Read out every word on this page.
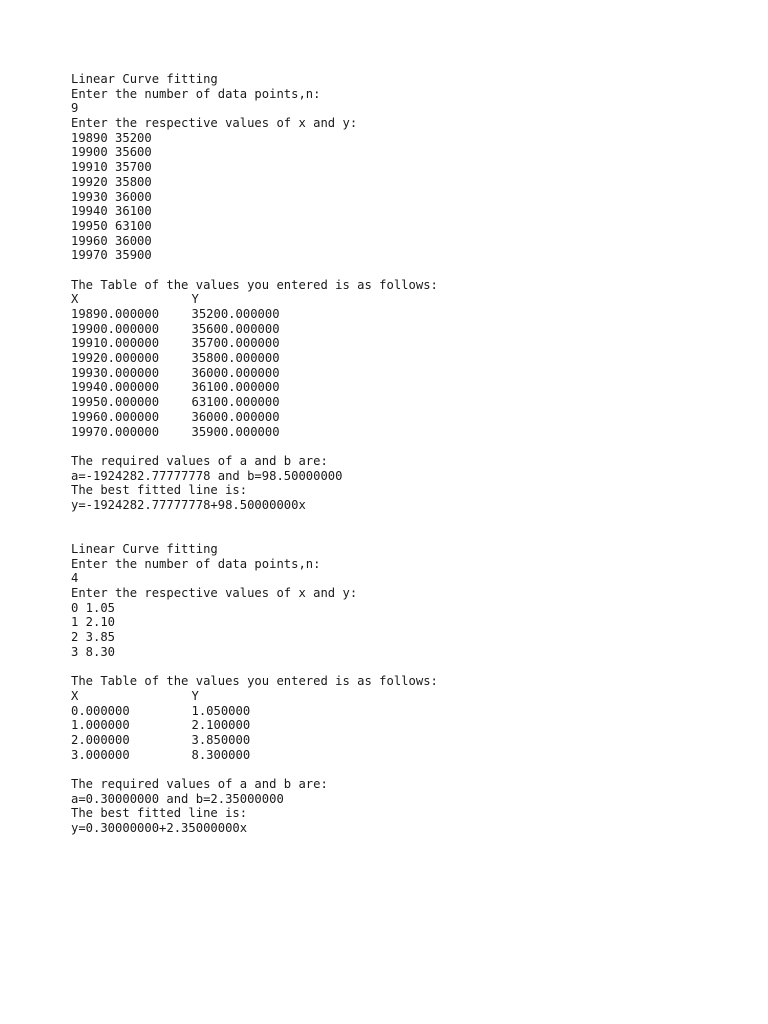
Linear Curve fitting
Enter the number of data points,n:
9
Enter the respective values of x and y:
19890 35200
19900 35600
19910 35700
19920 35800
19930 36000
19940 36100
19950 63100
19960 36000
19970 35900
The Table of the values you entered is as follows:
X	Y
19890.000000	35200.000000
19900.000000	35600.000000
19910.000000	35700.000000
19920.000000	35800.000000
19930.000000	36000.000000
19940.000000	36100.000000
19950.000000	63100.000000
19960.000000	36000.000000
19970.000000	35900.000000
The required values of a and b are:
a=-1924282.77777778 and b=98.50000000
The best fitted line is:
y=-1924282.77777778+98.50000000x
Linear Curve fitting
Enter the number of data points,n:
4
Enter the respective values of x and y:
0 1.05
1 2.10
2 3.85
3 8.30
The Table of the values you entered is as follows:
X	Y
0.000000	1.050000
1.000000	2.100000
2.000000	3.850000
3.000000	8.300000
The required values of a and b are:
a=0.30000000 and b=2.35000000
The best fitted line is:
y=0.30000000+2.35000000x
